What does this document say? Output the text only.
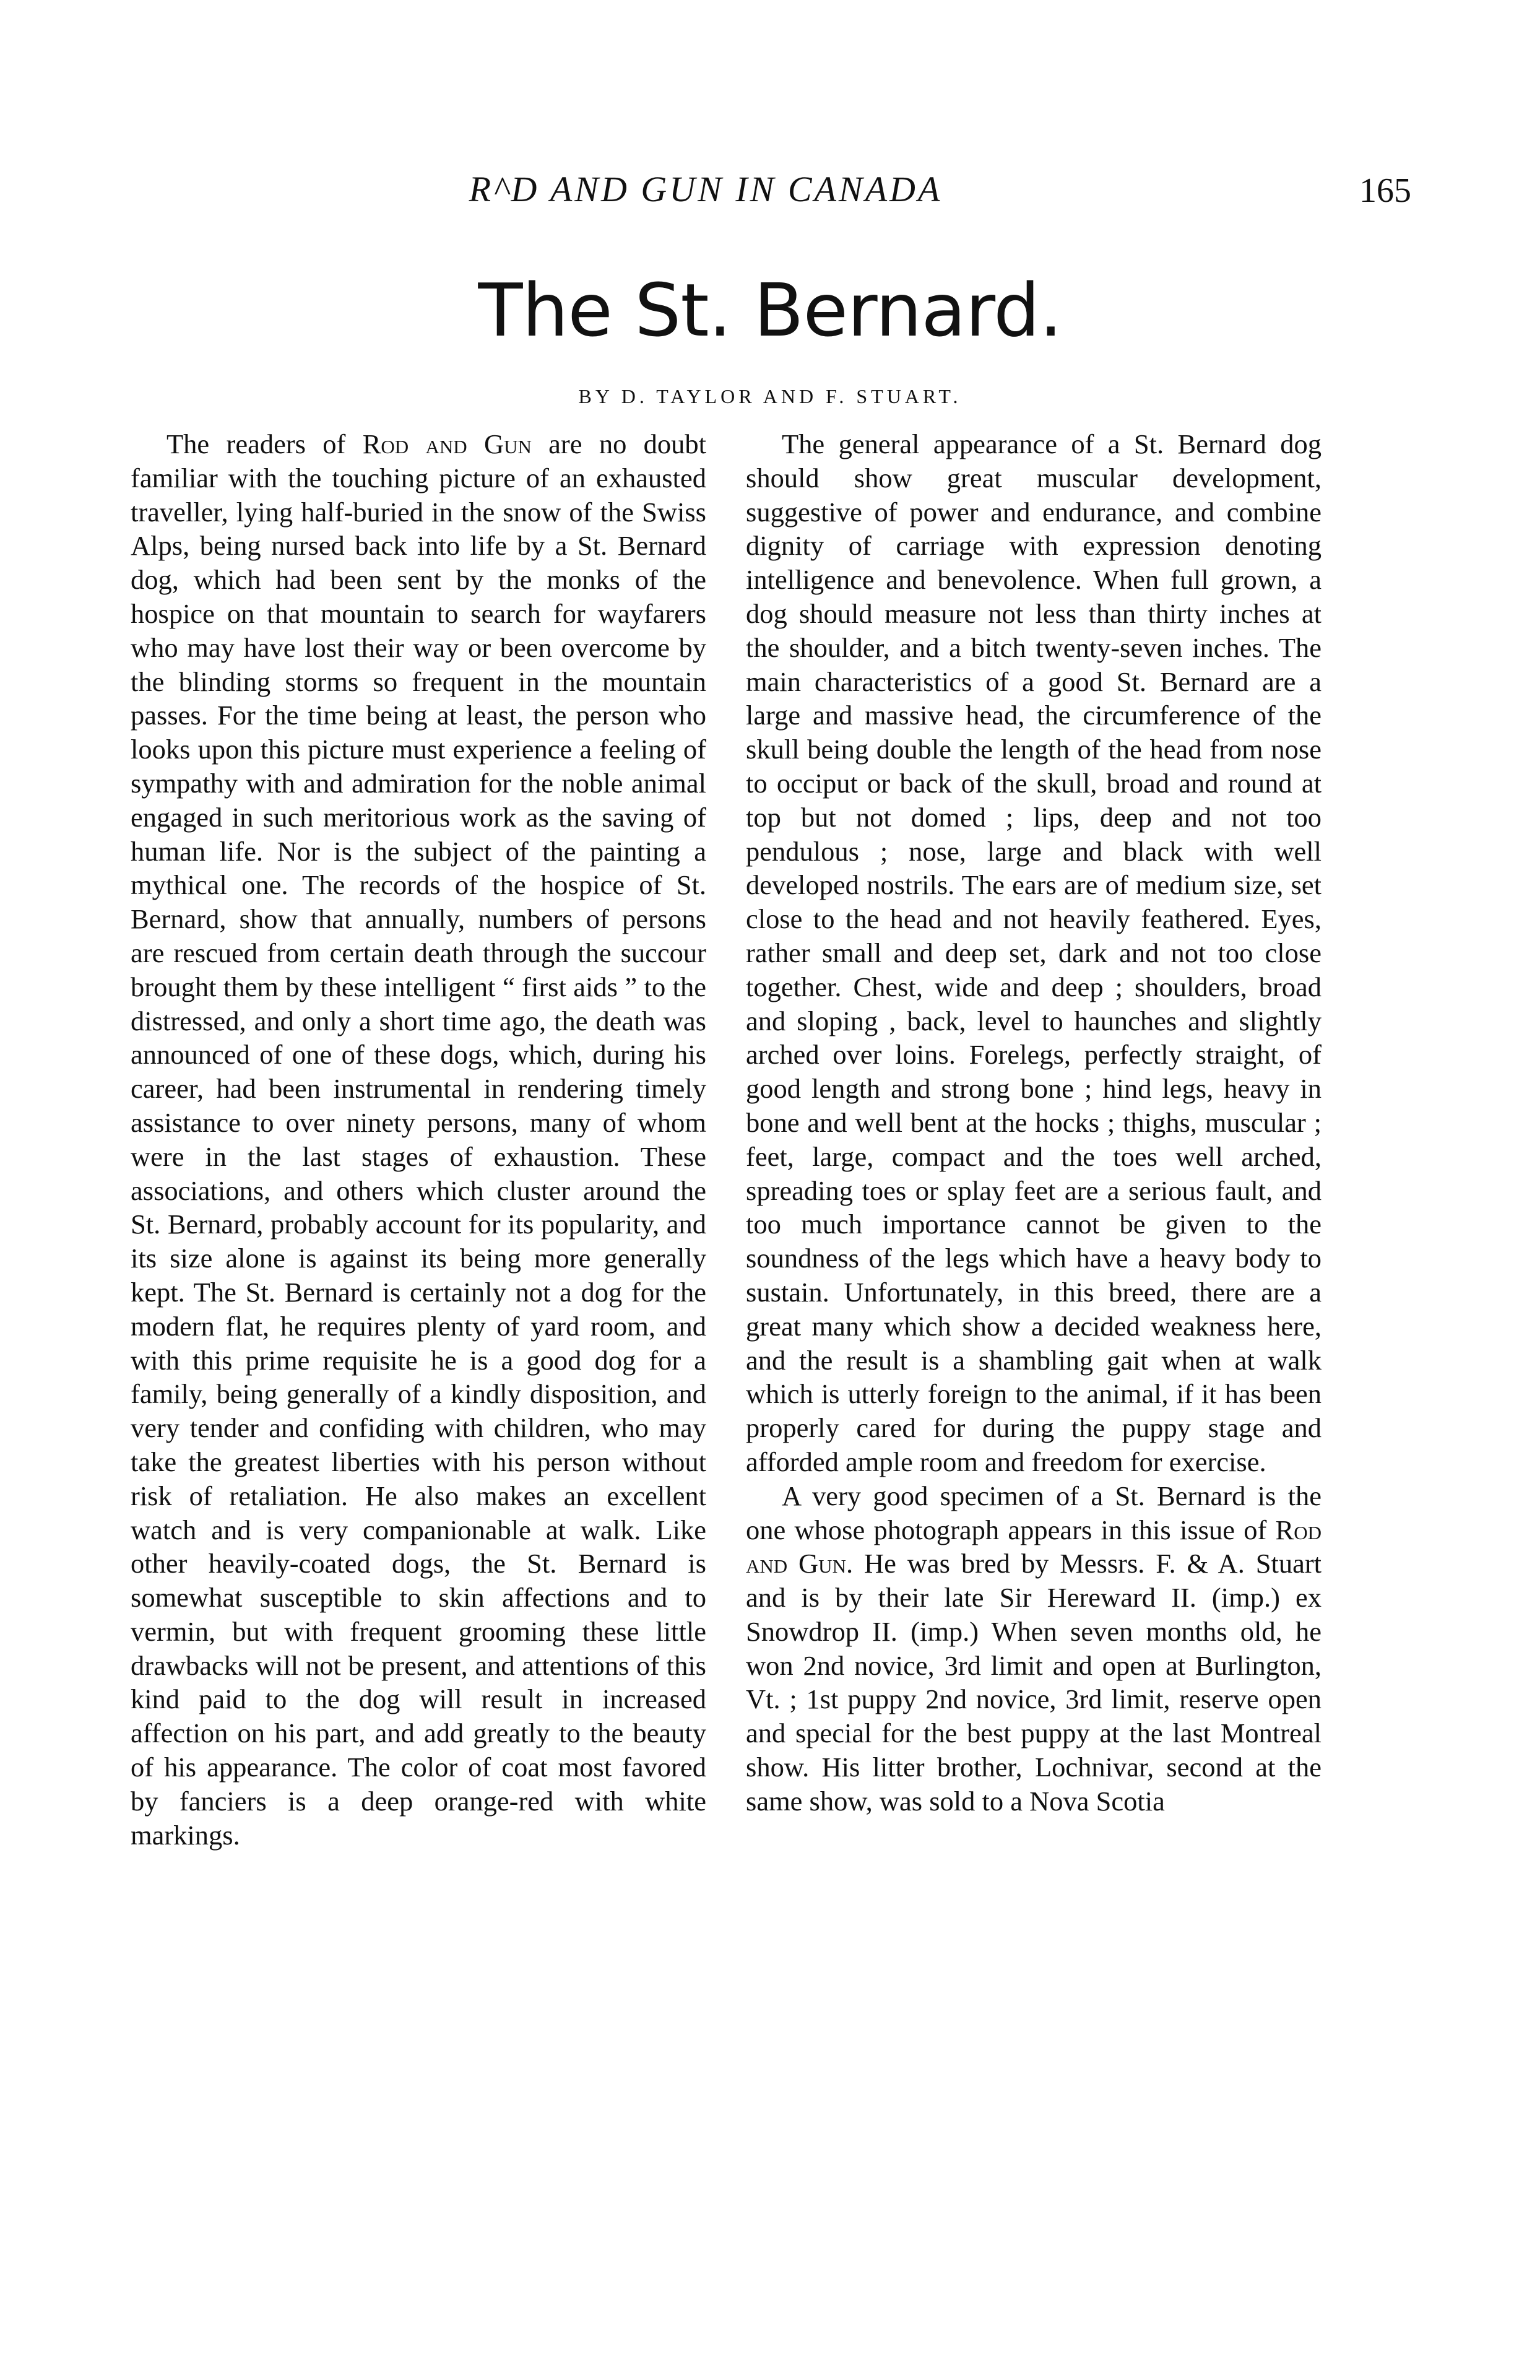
R^D AND GUN IN CANADA	165
The St. Bernard.
BY D. TAYLOR AND F. STUART.

The readers of Rod and Gun are no doubt familiar with the touching picture of an exhausted traveller, lying half-buried in the snow of the Swiss Alps, being nursed back into life by a St. Bernard dog, which had been sent by the monks of the hospice on that mountain to search for wayfarers who may have lost their way or been overcome by the blinding storms so frequent in the mountain passes. For the time being at least, the person who looks upon this picture must experience a feeling of sympathy with and admiration for the noble animal engaged in such meritorious work as the saving of human life. Nor is the subject of the painting a mythical one. The records of the hospice of St. Bernard, show that annually, numbers of persons are rescued from certain death through the succour brought them by these intelligent “ first aids ” to the distressed, and only a short time ago, the death was announced of one of these dogs, which, during his career, had been instrumental in rendering timely assistance to over ninety persons, many of whom were in the last stages of exhaustion. These associations, and others which cluster around the St. Bernard, probably account for its popularity, and its size alone is against its being more generally kept. The St. Bernard is certainly not a dog for the modern flat, he requires plenty of yard room, and with this prime requisite he is a good dog for a family, being generally of a kindly disposition, and very tender and confiding with children, who may take the greatest liberties with his person without risk of retaliation. He also makes an excellent watch and is very companionable at walk. Like other heavily-coated dogs, the St. Bernard is somewhat susceptible to skin affections and to vermin, but with frequent grooming these little drawbacks will not be present, and attentions of this kind paid to the dog will result in increased affection on his part, and add greatly to the beauty of his appearance. The color of coat most favored by fanciers is a deep orange-red with white markings.

The general appearance of a St. Bernard dog should show great muscular development, suggestive of power and endurance, and combine dignity of carriage with expression denoting intelligence and benevolence. When full grown, a dog should measure not less than thirty inches at the shoulder, and a bitch twenty-seven inches. The main characteristics of a good St. Bernard are a large and massive head, the circumference of the skull being double the length of the head from nose to occiput or back of the skull, broad and round at top but not domed ; lips, deep and not too pendulous ; nose, large and black with well developed nostrils. The ears are of medium size, set close to the head and not heavily feathered. Eyes, rather small and deep set, dark and not too close together. Chest, wide and deep ; shoulders, broad and sloping , back, level to haunches and slightly arched over loins. Forelegs, perfectly straight, of good length and strong bone ; hind legs, heavy in bone and well bent at the hocks ; thighs, muscular ; feet, large, compact and the toes well arched, spreading toes or splay feet are a serious fault, and too much importance cannot be given to the soundness of the legs which have a heavy body to sustain. Unfortunately, in this breed, there are a great many which show a decided weakness here, and the result is a shambling gait when at walk which is utterly foreign to the animal, if it has been properly cared for during the puppy stage and afforded ample room and freedom for exercise.

A very good specimen of a St. Bernard is the one whose photograph appears in this issue of Rod and Gun. He was bred by Messrs. F. & A. Stuart and is by their late Sir Hereward II. (imp.) ex Snowdrop II. (imp.) When seven months old, he won 2nd novice, 3rd limit and open at Burlington, Vt. ; 1st puppy 2nd novice, 3rd limit, reserve open and special for the best puppy at the last Montreal show. His litter brother, Lochnivar, second at the same show, was sold to a Nova Scotia
